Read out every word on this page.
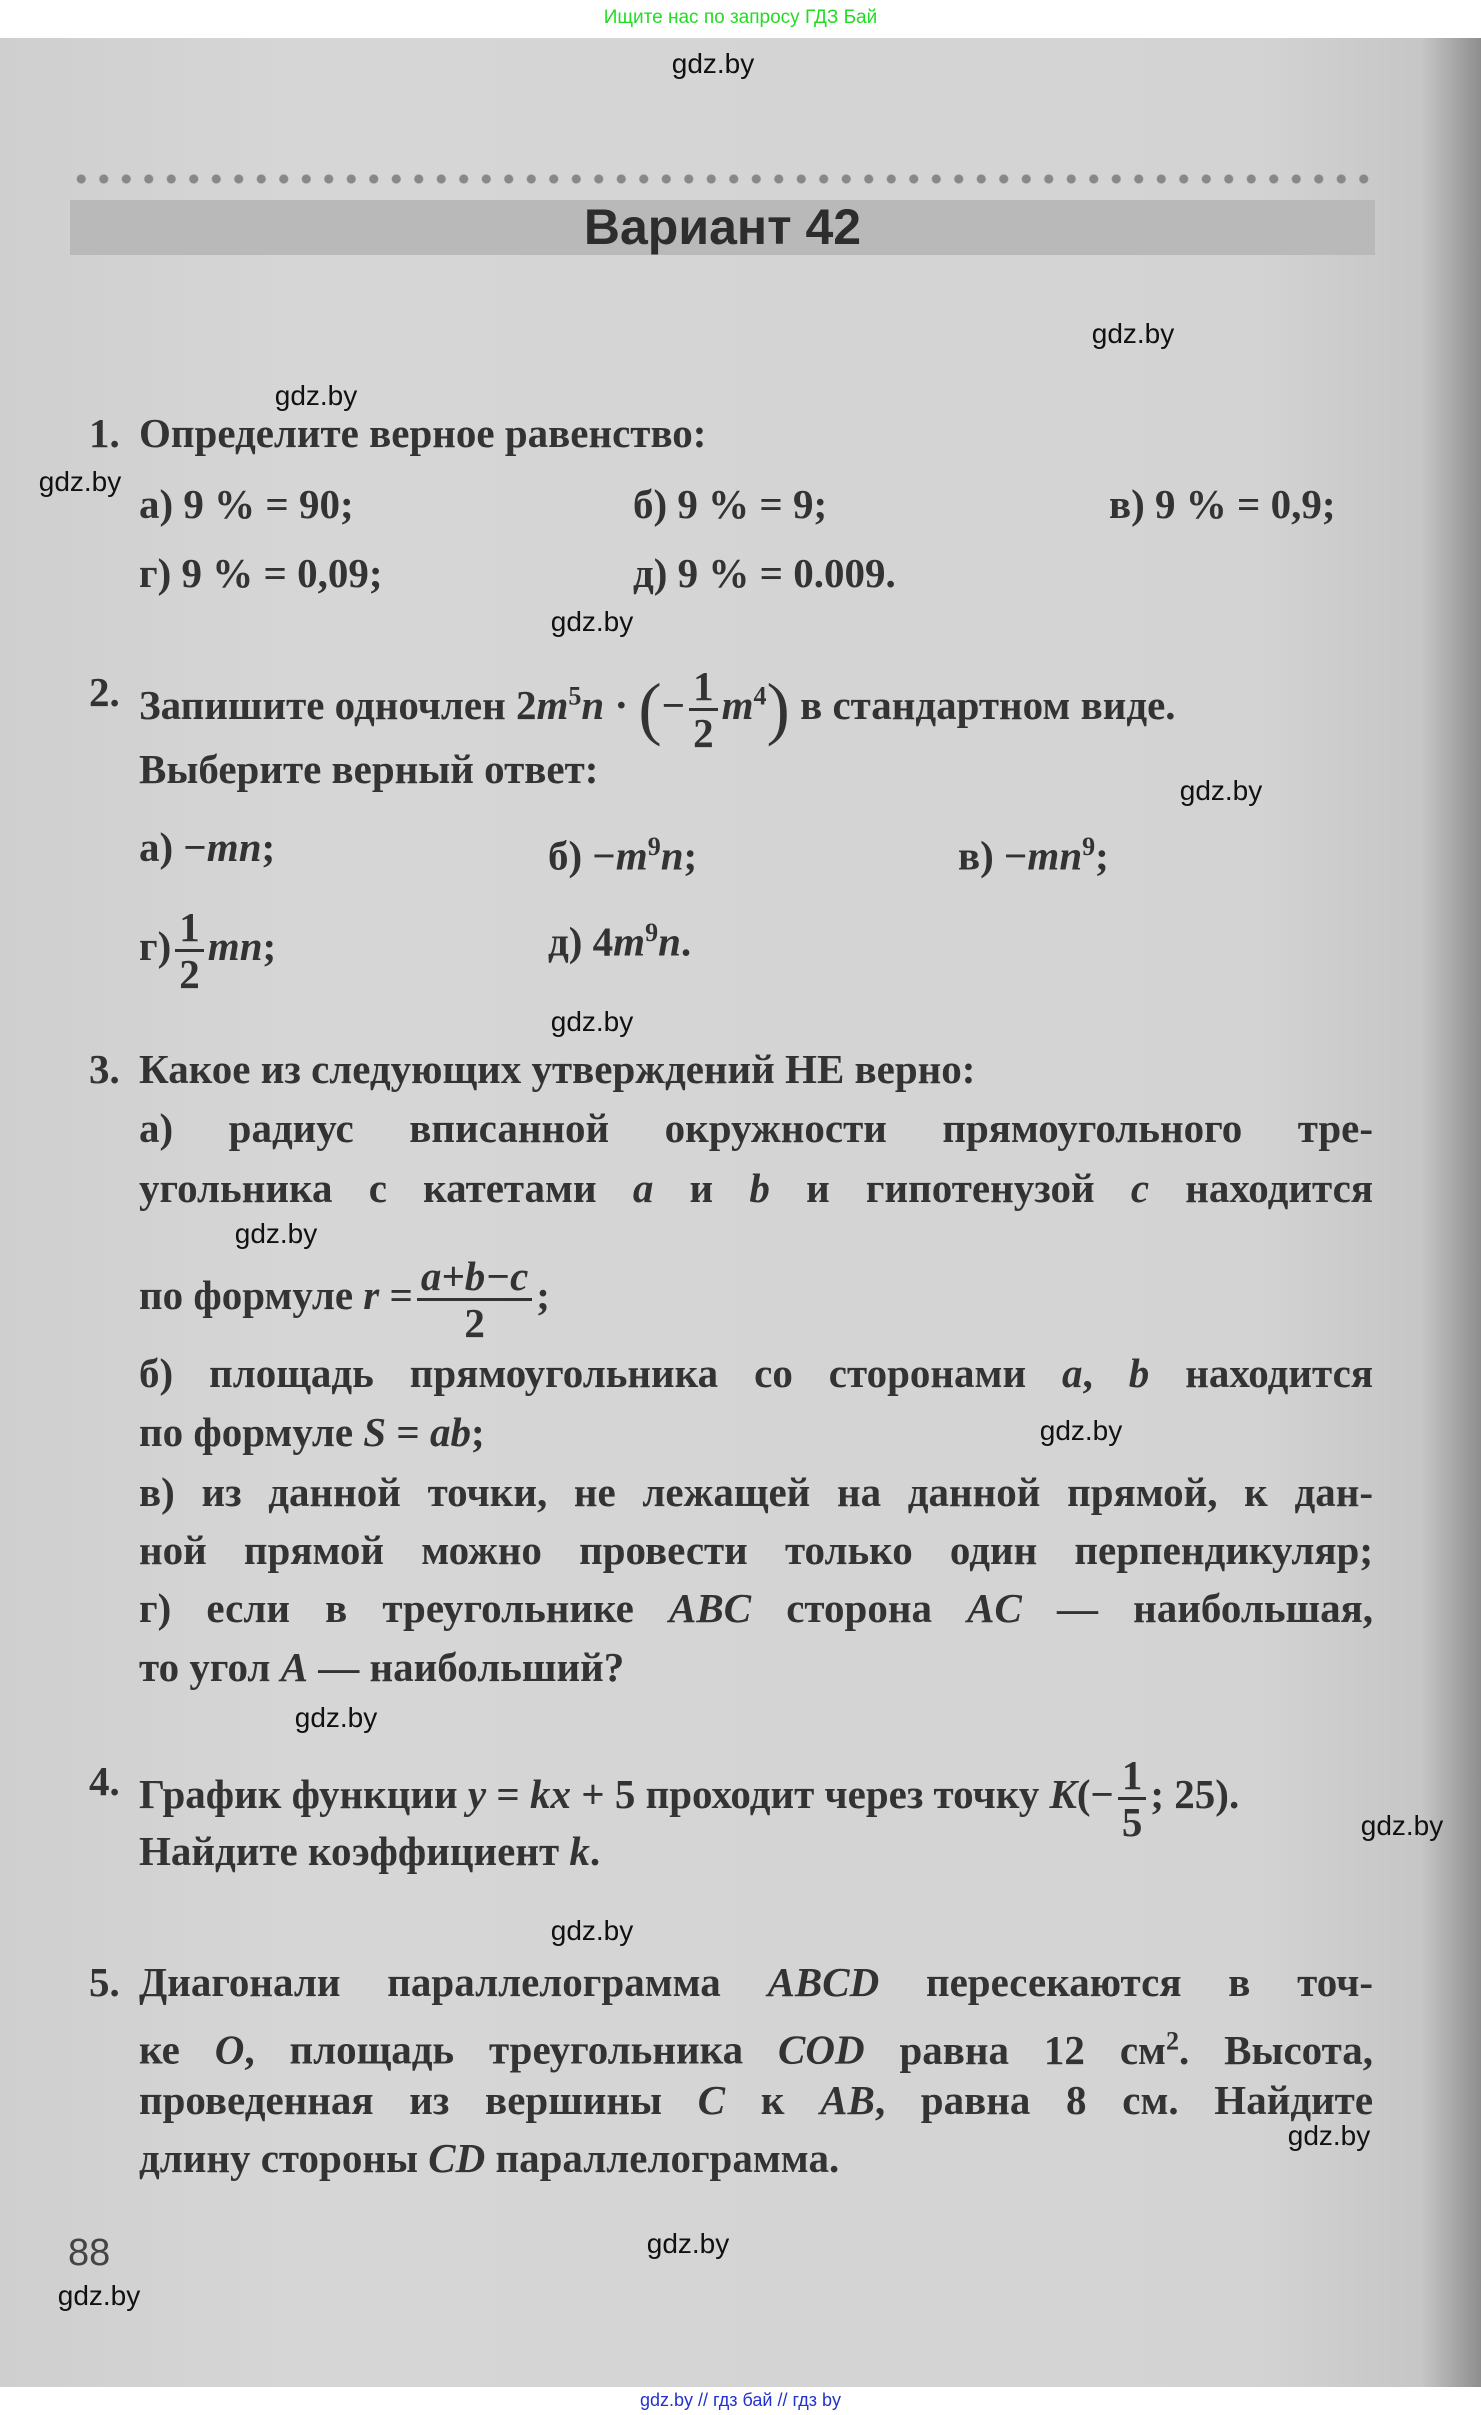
Ищите нас по запросу ГДЗ Бай
Вариант 42
1. Определите верное равенство:
а) 9 % = 90;	б) 9 % = 9;	в) 9 % = 0,9;
г) 9 % = 0,09;	д) 9 % = 0.009.
2. Запишите одночлен $2m^5n$ · (− $\frac{1}{2} m^4$) в стандартном виде.
Выберите верный ответ:
а) −mn;	$б) -m^9n$;	$в) -mn^9$;
$г) \frac{1}{2}$ mn;	д) $4m^9n$.
3. Какое из следующих утверждений НЕ верно:
а) радиус вписанной окружности прямоугольного тре-
угольника с катетами a и b и гипотенузой c находится
по формуле $r = \frac{a+b-c}{2}$ ;
б) площадь прямоугольника со сторонами a, b находится
по формуле S = ab;
в) из данной точки, не лежащей на данной прямой, к дан-
ной прямой можно провести только один перпендикуляр;
г) если в треугольнике ABC сторона AC — наибольшая,
то угол A — наибольший?
4. График функции y = kx + 5 проходит через точку $K(- \frac{1}{5}$ ; 25).
Найдите коэффициент k.
5. Диагонали параллелограмма ABCD пересекаются в точ-
ке O, площадь треугольника COD равна 12 $см^2$. Высота,
проведенная из вершины C к AB, равна 8 см. Найдите
длину стороны CD параллелограмма.
88
gdz.by
gdz.by
gdz.by
gdz.by
gdz.by
gdz.by
gdz.by
gdz.by
gdz.by
gdz.by
gdz.by
gdz.by
gdz.by
gdz.by
gdz.by
gdz.by // гдз бай // гдз by
